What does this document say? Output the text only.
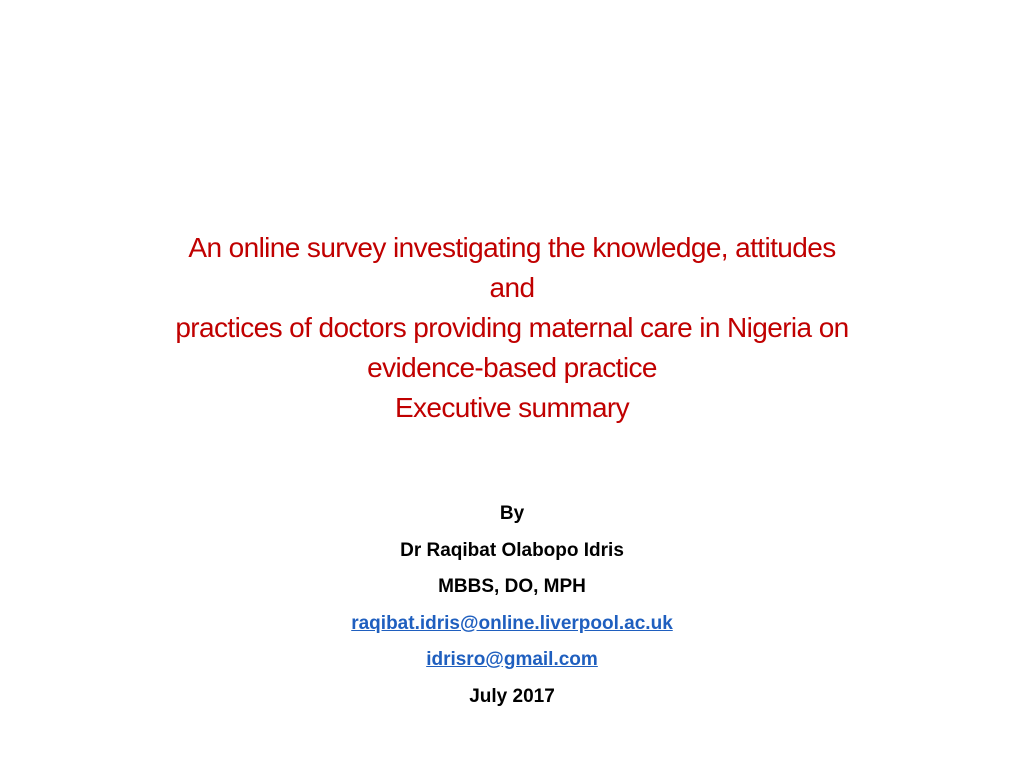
An online survey investigating the knowledge, attitudes
and
practices of doctors providing maternal care in Nigeria on
evidence-based practice
Executive summary
By
Dr Raqibat Olabopo Idris
MBBS, DO, MPH
raqibat.idris@online.liverpool.ac.uk
idrisro@gmail.com
July 2017
